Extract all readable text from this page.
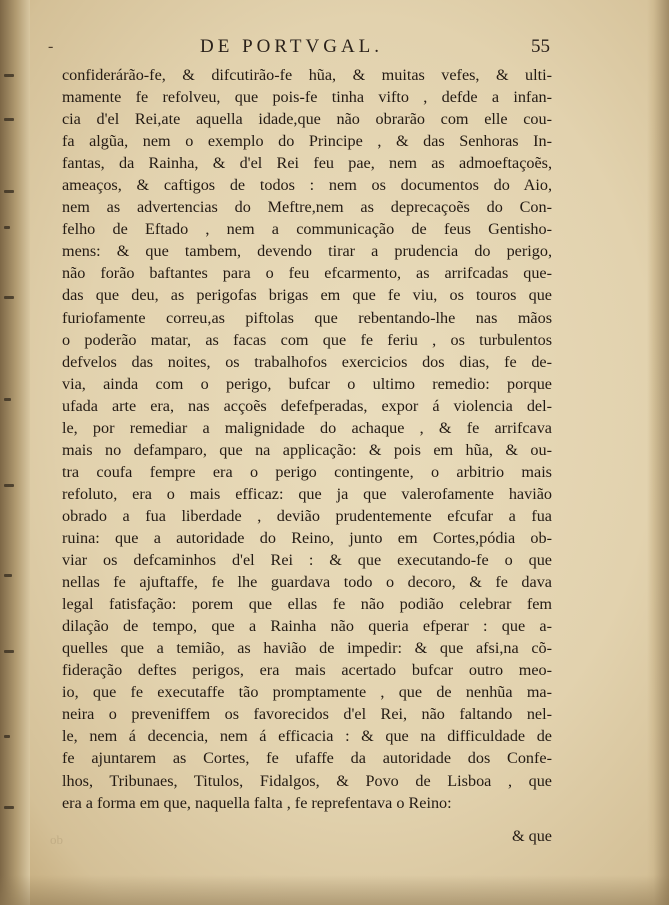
-	DE PORTVGAL.	55
confiderárão-fe, & difcutirão-fe hũa, & muitas vefes, & ulti-
mamente fe refolveu, que pois-fe tinha vifto , defde a infan-
cia d'el Rei,ate aquella idade,que não obrarão com elle cou-
fa algũa, nem o exemplo do Principe , & das Senhoras In-
fantas, da Rainha, & d'el Rei feu pae, nem as admoeftaçoẽs,
ameaços, & caftigos de todos : nem os documentos do Aio,
nem as advertencias do Meftre,nem as deprecaçoẽs do Con-
felho de Eftado , nem a communicação de feus Gentisho-
mens: & que tambem, devendo tirar a prudencia do perigo,
não forão baftantes para o feu efcarmento, as arrifcadas que-
das que deu, as perigofas brigas em que fe viu, os touros que
furiofamente correu,as piftolas que rebentando-lhe nas mãos
o poderão matar, as facas com que fe feriu , os turbulentos
defvelos das noites, os trabalhofos exercicios dos dias, fe de-
via, ainda com o perigo, bufcar o ultimo remedio: porque
ufada arte era, nas acçoẽs defefperadas, expor á violencia del-
le, por remediar a malignidade do achaque , & fe arrifcava
mais no defamparo, que na applicação: & pois em hũa, & ou-
tra coufa fempre era o perigo contingente, o arbitrio mais
refoluto, era o mais efficaz: que ja que valerofamente havião
obrado a fua liberdade , devião prudentemente efcufar a fua
ruina: que a autoridade do Reino, junto em Cortes,pódia ob-
viar os defcaminhos d'el Rei : & que executando-fe o que
nellas fe ajuftaffe, fe lhe guardava todo o decoro, & fe dava
legal fatisfação: porem que ellas fe não podião celebrar fem
dilação de tempo, que a Rainha não queria efperar : que a-
quelles que a temião, as havião de impedir: & que afsi,na cõ-
fideração deftes perigos, era mais acertado bufcar outro meo-
io, que fe executaffe tão promptamente , que de nenhũa ma-
neira o preveniffem os favorecidos d'el Rei, não faltando nel-
le, nem á decencia, nem á efficacia : & que na difficuldade de
fe ajuntarem as Cortes, fe ufaffe da autoridade dos Confe-
lhos, Tribunaes, Titulos, Fidalgos, & Povo de Lisboa , que
era a forma em que, naquella falta , fe reprefentava o Reino:
ob	& que
